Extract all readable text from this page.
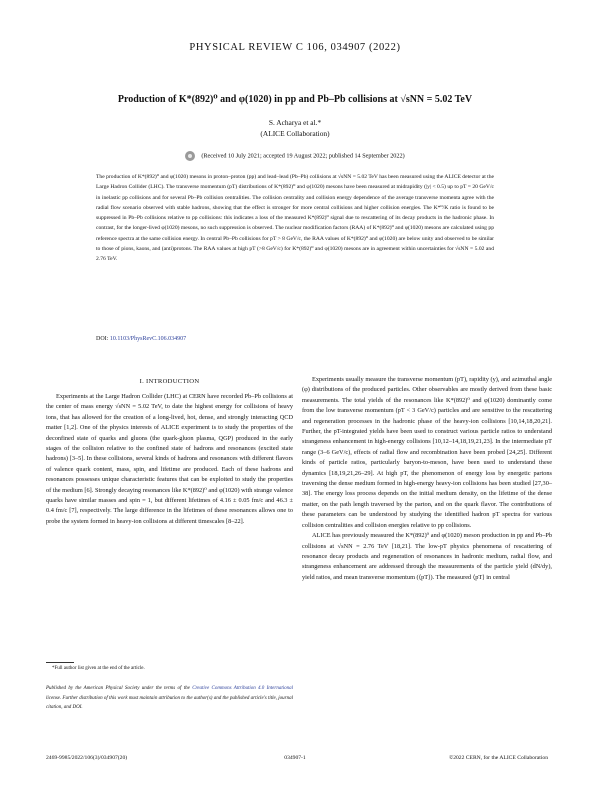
PHYSICAL REVIEW C 106, 034907 (2022)
Production of K*(892)⁰ and φ(1020) in pp and Pb–Pb collisions at √sNN = 5.02 TeV
S. Acharya et al.*
(ALICE Collaboration)
(Received 10 July 2021; accepted 19 August 2022; published 14 September 2022)
The production of K*(892)⁰ and φ(1020) mesons in proton–proton (pp) and lead–lead (Pb–Pb) collisions at √sNN = 5.02 TeV has been measured using the ALICE detector at the Large Hadron Collider (LHC). The transverse momentum (pT) distributions of K*(892)⁰ and φ(1020) mesons have been measured at midrapidity (|y| < 0.5) up to pT = 20 GeV/c in inelastic pp collisions and for several Pb–Pb collision centralities. The collision centrality and collision energy dependence of the average transverse momenta agree with the radial flow scenario observed with stable hadrons, showing that the effect is stronger for more central collisions and higher collision energies. The K*⁰/K ratio is found to be suppressed in Pb–Pb collisions relative to pp collisions: this indicates a loss of the measured K*(892)⁰ signal due to rescattering of its decay products in the hadronic phase. In contrast, for the longer-lived φ(1020) mesons, no such suppression is observed. The nuclear modification factors (RAA) of K*(892)⁰ and φ(1020) mesons are calculated using pp reference spectra at the same collision energy. In central Pb–Pb collisions for pT > 8 GeV/c, the RAA values of K*(892)⁰ and φ(1020) are below unity and observed to be similar to those of pions, kaons, and (anti)protons. The RAA values at high pT (>8 GeV/c) for K*(892)⁰ and φ(1020) mesons are in agreement within uncertainties for √sNN = 5.02 and 2.76 TeV.
DOI: 10.1103/PhysRevC.106.034907
I. INTRODUCTION

Experiments at the Large Hadron Collider (LHC) at CERN have recorded Pb–Pb collisions at the center of mass energy √sNN = 5.02 TeV, to date the highest energy for collisions of heavy ions, that has allowed for the creation of a long-lived, hot, dense, and strongly interacting QCD matter [1,2]. One of the physics interests of ALICE experiment is to study the properties of the deconfined state of quarks and gluons (the quark-gluon plasma, QGP) produced in the early stages of the collision relative to the confined state of hadrons and resonances (excited state hadrons) [3–5]. In these collisions, several kinds of hadrons and resonances with different flavors of valence quark content, mass, spin, and lifetime are produced. Each of these hadrons and resonances possesses unique characteristic features that can be exploited to study the properties of the medium [6]. Strongly decaying resonances like K*(892)⁰ and φ(1020) with strange valence quarks have similar masses and spin = 1, but different lifetimes of 4.16 ± 0.05 fm/c and 46.3 ± 0.4 fm/c [7], respectively. The large difference in the lifetimes of these resonances allows one to probe the system formed in heavy-ion collisions at different timescales [8–22].

Experiments usually measure the transverse momentum (pT), rapidity (y), and azimuthal angle (φ) distributions of the produced particles. Other observables are mostly derived from these basic measurements. The total yields of the resonances like K*(892)⁰ and φ(1020) dominantly come from the low transverse momentum (pT < 3 GeV/c) particles and are sensitive to the rescattering and regeneration processes in the hadronic phase of the heavy-ion collisions [10,14,18,20,21]. Further, the pT-integrated yields have been used to construct various particle ratios to understand strangeness enhancement in high-energy collisions [10,12–14,18,19,21,23]. In the intermediate pT range (3–6 GeV/c), effects of radial flow and recombination have been probed [24,25]. Different kinds of particle ratios, particularly baryon-to-meson, have been used to understand these dynamics [18,19,21,26–29]. At high pT, the phenomenon of energy loss by energetic partons traversing the dense medium formed in high-energy heavy-ion collisions has been studied [27,30–38]. The energy loss process depends on the initial medium density, on the lifetime of the dense matter, on the path length traversed by the parton, and on the quark flavor. The contributions of these parameters can be understood by studying the identified hadron pT spectra for various collision centralities and collision energies relative to pp collisions.

ALICE has previously measured the K*(892)⁰ and φ(1020) meson production in pp and Pb–Pb collisions at √sNN = 2.76 TeV [18,21]. The low-pT physics phenomena of rescattering of resonance decay products and regeneration of resonances in hadronic medium, radial flow, and strangeness enhancement are addressed through the measurements of the particle yield (dN/dy), yield ratios, and mean transverse momentum (⟨pT⟩). The measured ⟨pT⟩ in central

*Full author list given at the end of the article.
Published by the American Physical Society under the terms of the Creative Commons Attribution 4.0 International license. Further distribution of this work must maintain attribution to the author(s) and the published article's title, journal citation, and DOI.
2469-9985/2022/106(3)/034907(20)	034907-1	©2022 CERN, for the ALICE Collaboration
